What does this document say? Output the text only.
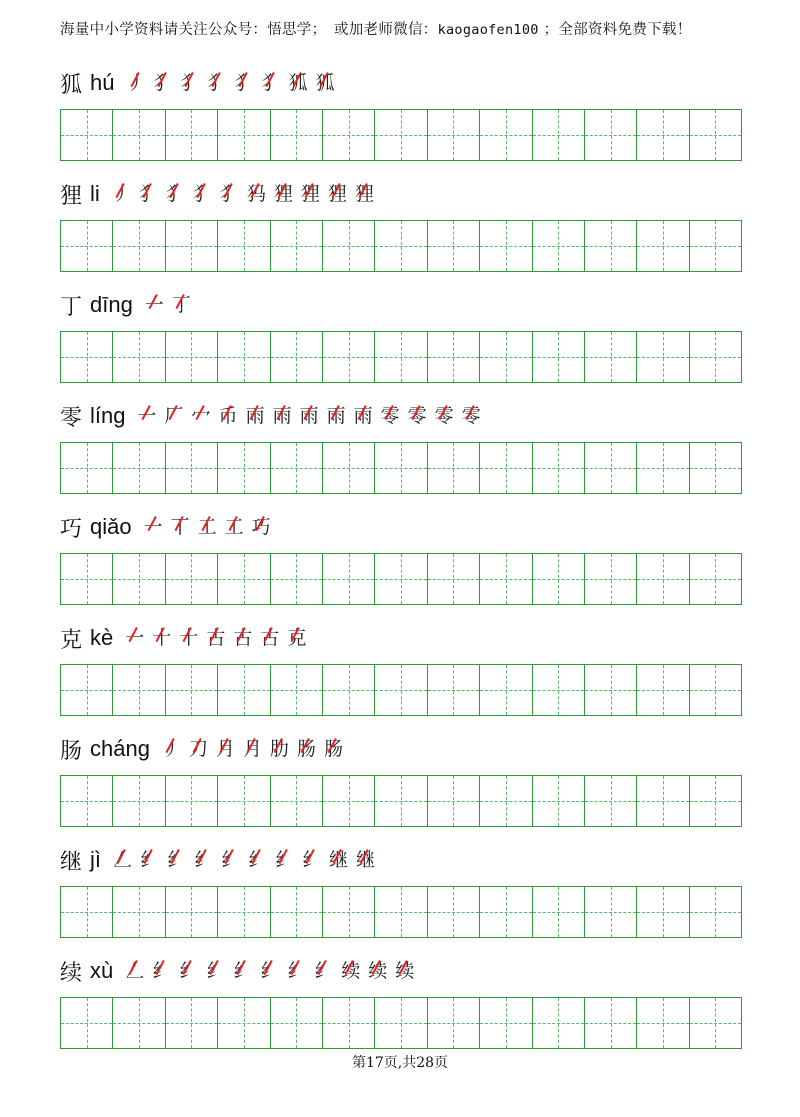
海量中小学资料请关注公众号：悟思学；　或加老师微信：kaogaofen100 ；全部资料免费下载！
狐 hú 丿 犭 犭 犭 犭 犭 狐 狐
狸 li 丿 犭 犭 犭 犭 犸 狸 狸 狸 狸
丁 dīng 一 丁
零 líng 一 厂 冖 币 雨 雨 雨 雨 雨 零 零 零 零
巧 qiǎo 一 丅 工 工 巧
克 kè 一 十 十 古 古 古 克
肠 cháng 丿 刀 月 月 肋 肠 肠
继 jì 𠃋 纟 纟 纟 纟 纟 纟 纟 继 继
续 xù 𠃋 纟 纟 纟 纟 纟 纟 纟 续 续 续
第17页,共28页
